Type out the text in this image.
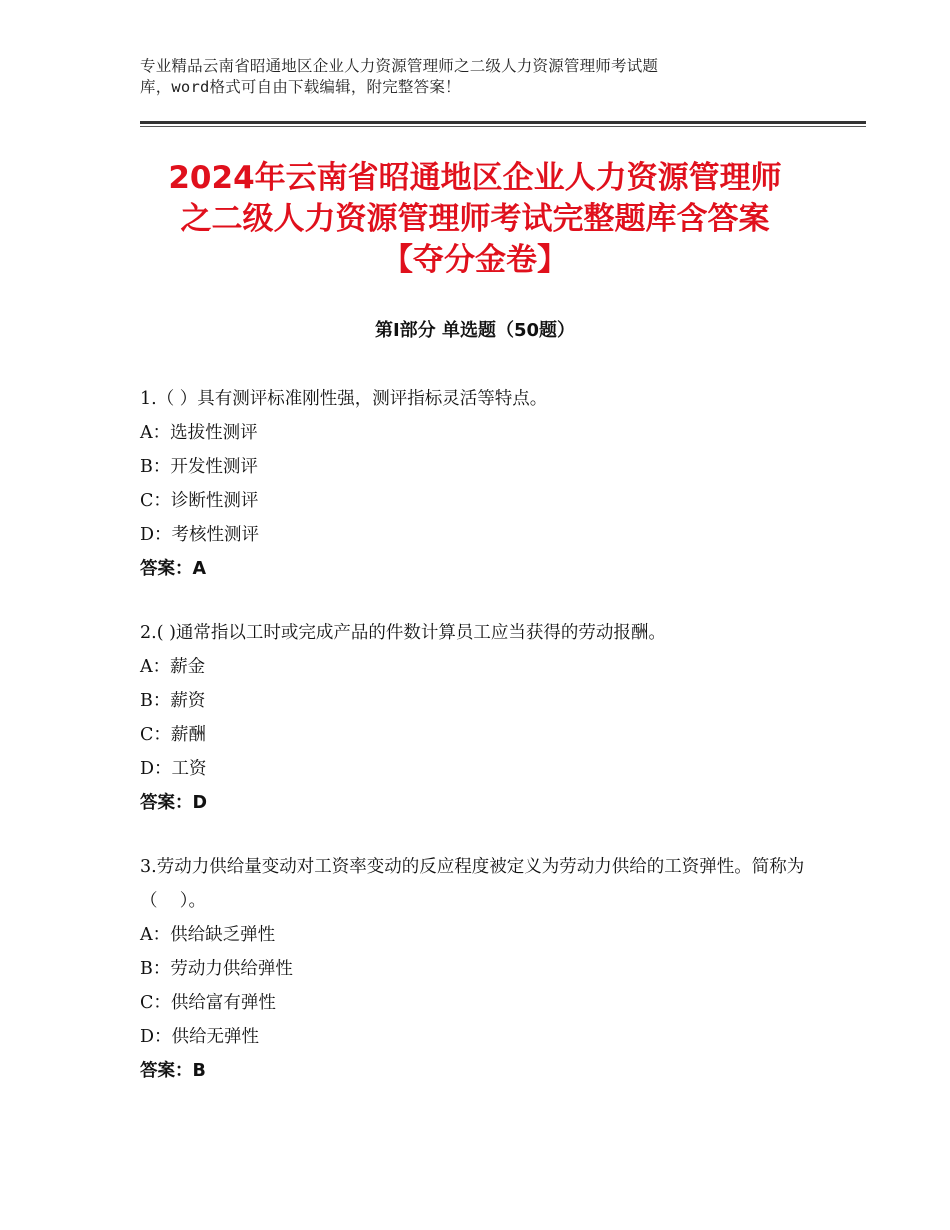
专业精品云南省昭通地区企业人力资源管理师之二级人力资源管理师考试题
库，word格式可自由下载编辑，附完整答案！
2024年云南省昭通地区企业人力资源管理师
之二级人力资源管理师考试完整题库含答案
【夺分金卷】
第Ⅰ部分 单选题（50题）
1.（ ）具有测评标准刚性强，测评指标灵活等特点。
A：选拔性测评
B：开发性测评
C：诊断性测评
D：考核性测评
答案：A
2.( )通常指以工时或完成产品的件数计算员工应当获得的劳动报酬。
A：薪金
B：薪资
C：薪酬
D：工资
答案：D
3.劳动力供给量变动对工资率变动的反应程度被定义为劳动力供给的工资弹性。简称为（    ）。
A：供给缺乏弹性
B：劳动力供给弹性
C：供给富有弹性
D：供给无弹性
答案：B
